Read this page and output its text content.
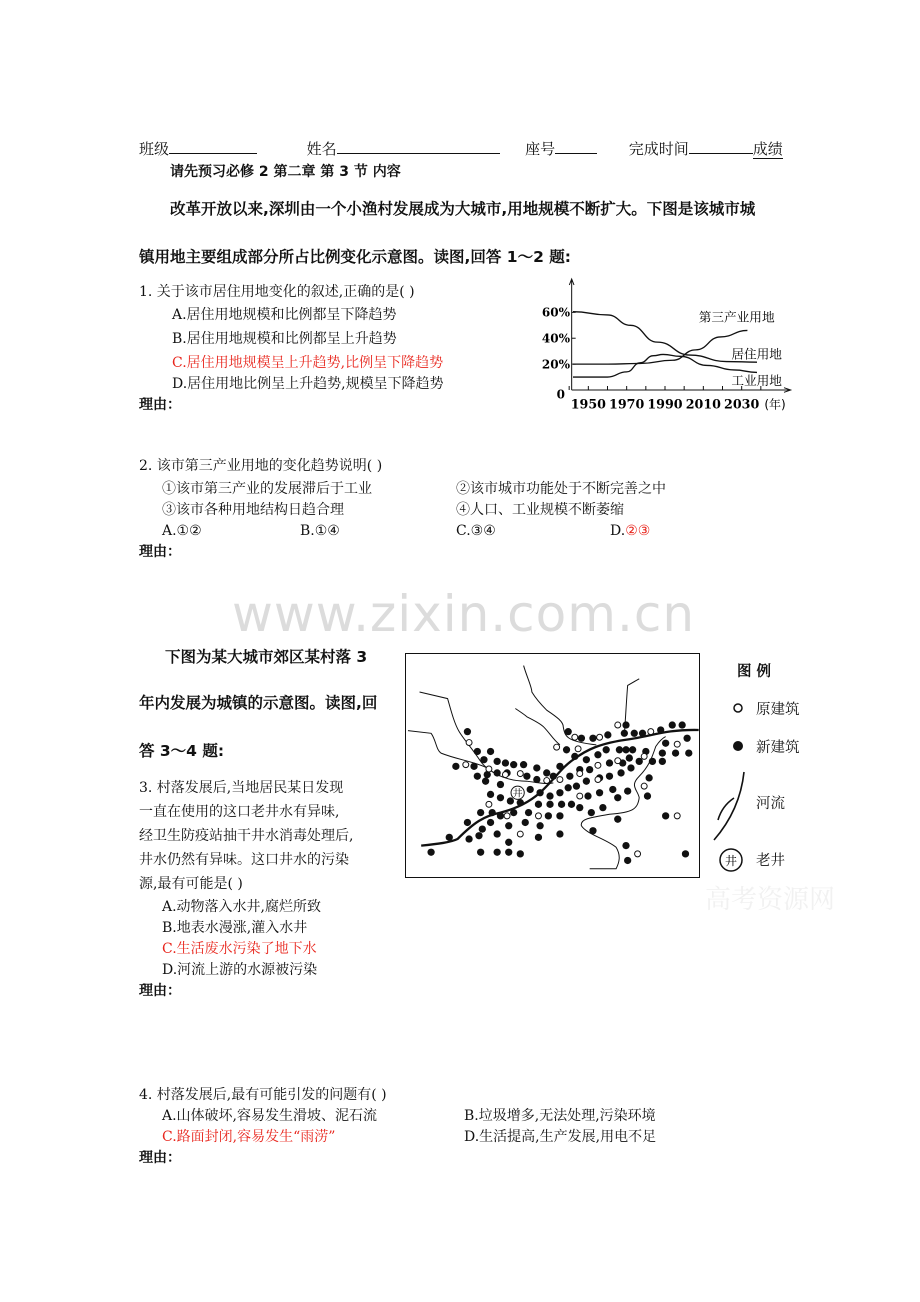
班级	姓名	座号	完成时间	成绩
请先预习必修 2 第二章 第 3 节 内容
改革开放以来,深圳由一个小渔村发展成为大城市,用地规模不断扩大。下图是该城市城
镇用地主要组成部分所占比例变化示意图。读图,回答 1～2 题:
1. 关于该市居住用地变化的叙述,正确的是( )
A.居住用地规模和比例都呈下降趋势
B.居住用地规模和比例都呈上升趋势
C.居住用地规模呈上升趋势,比例呈下降趋势
D.居住用地比例呈上升趋势,规模呈下降趋势
理由：	1950 1970 1990 2010 2030
0
20%
40%
60%
(年)
第三产业用地
居住用地
工业用地
2. 该市第三产业用地的变化趋势说明( )
①该市第三产业的发展滞后于工业	②该市城市功能处于不断完善之中
③该市各种用地结构日趋合理	④人口、工业规模不断萎缩
A.①②	B.①④	C.③④	D.②③
理由：
www.zixin.com.cn
高考资源网
下图为某大城市郊区某村落 3
年内发展为城镇的示意图。读图,回
答 3～4 题:
3. 村落发展后,当地居民某日发现
一直在使用的这口老井水有异味,
经卫生防疫站抽干井水消毒处理后,
井水仍然有异味。这口井水的污染
源,最有可能是( )
A.动物落入水井,腐烂所致
B.地表水漫涨,灌入水井
C.生活废水污染了地下水
D.河流上游的水源被污染
理由：
井
图 例
原建筑
新建筑
河流
井 老井
4. 村落发展后,最有可能引发的问题有( )
A.山体破坏,容易发生滑坡、泥石流	B.垃圾增多,无法处理,污染环境
C.路面封闭,容易发生“雨涝”	D.生活提高,生产发展,用电不足
理由：
